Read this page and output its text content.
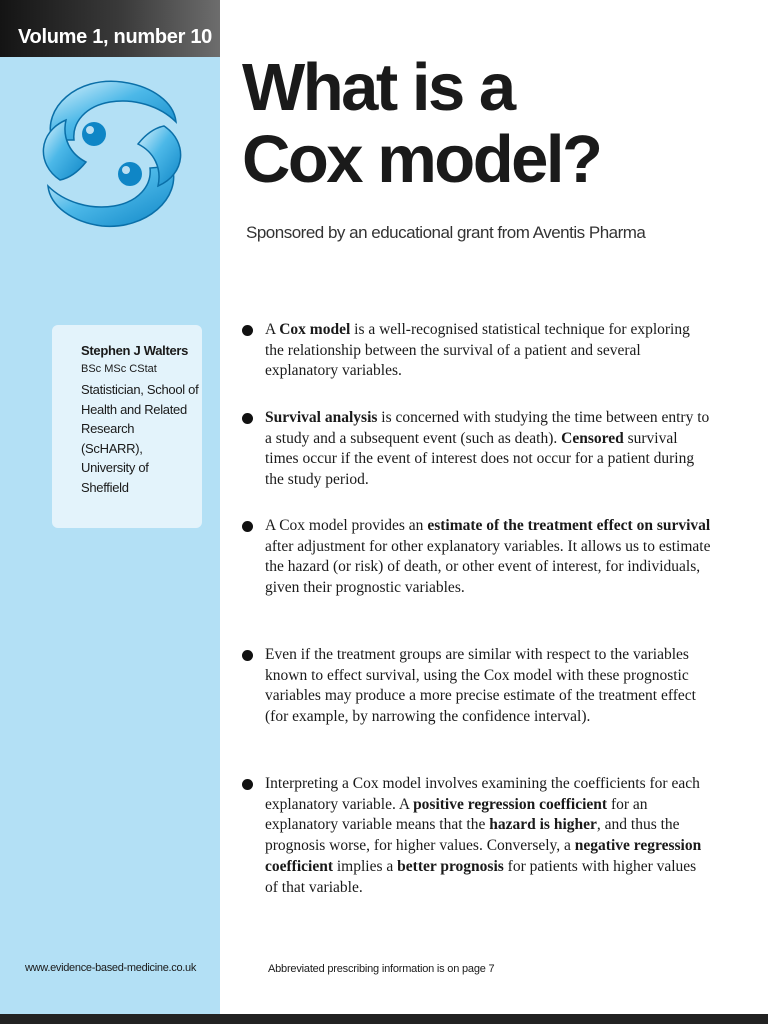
Volume 1, number 10
Stephen J Walters
BSc MSc CStat
Statistician, School of Health and Related Research (ScHARR), University of Sheffield
www.evidence-based-medicine.co.uk
What is a
Cox model?
Sponsored by an educational grant from Aventis Pharma
A Cox model is a well-recognised statistical technique for exploring the relationship between the survival of a patient and several explanatory variables.
Survival analysis is concerned with studying the time between entry to a study and a subsequent event (such as death). Censored survival times occur if the event of interest does not occur for a patient during the study period.
A Cox model provides an estimate of the treatment effect on survival after adjustment for other explanatory variables. It allows us to estimate the hazard (or risk) of death, or other event of interest, for individuals, given their prognostic variables.
Even if the treatment groups are similar with respect to the variables known to effect survival, using the Cox model with these prognostic variables may produce a more precise estimate of the treatment effect (for example, by narrowing the confidence interval).
Interpreting a Cox model involves examining the coefficients for each explanatory variable. A positive regression coefficient for an explanatory variable means that the hazard is higher, and thus the prognosis worse, for higher values. Conversely, a negative regression coefficient implies a better prognosis for patients with higher values of that variable.
Abbreviated prescribing information is on page 7
